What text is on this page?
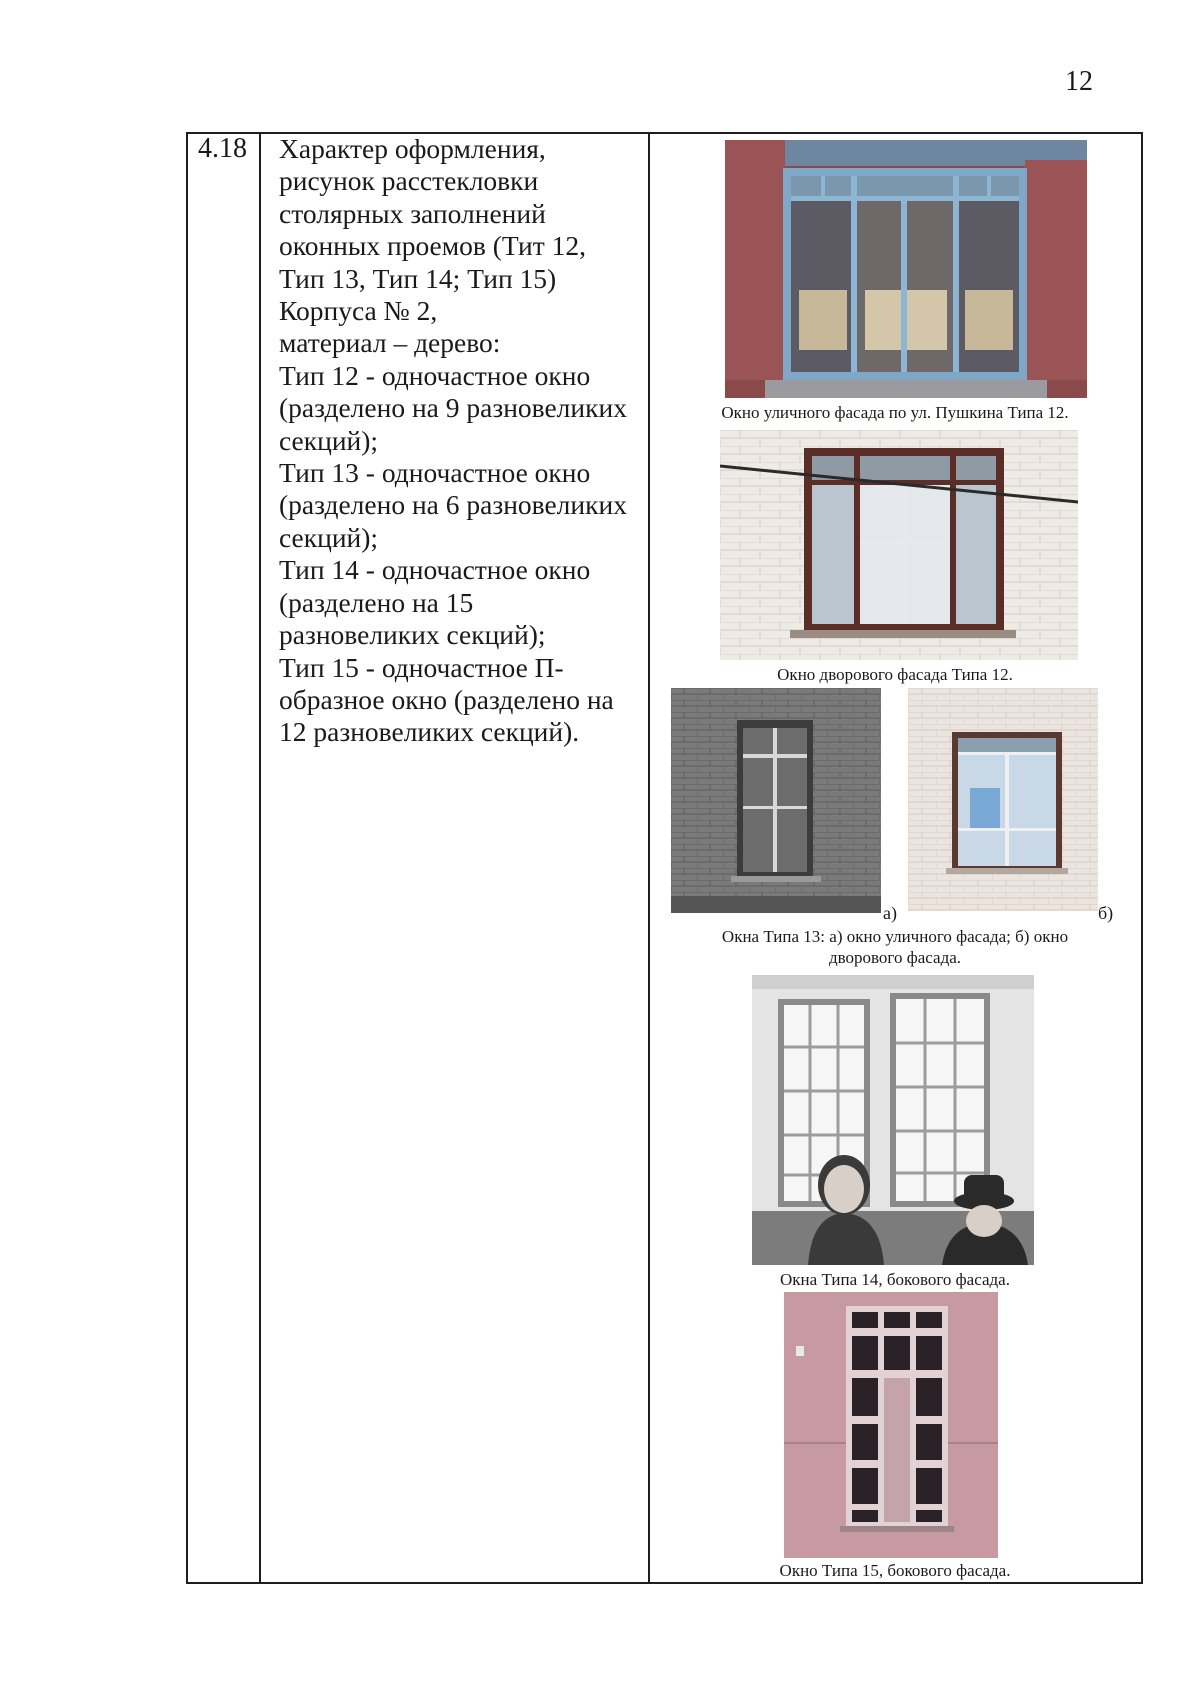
12
4.18 Характер оформления,

рисунок расстекловки

столярных заполнений

оконных проемов (Тит 12,

Тип 13, Тип 14; Тип 15)

Корпуса № 2,

материал – дерево:

Тип 12 - одночастное окно

(разделено на 9 разновеликих

секций);

Тип 13 - одночастное окно

(разделено на 6 разновеликих

секций);

Тип 14 - одночастное окно

(разделено на 15

разновеликих секций);

Тип 15 - одночастное П-

образное окно (разделено на

12 разновеликих секций).

Окно уличного фасада по ул. Пушкина Типа 12.
Окно дворового фасада Типа 12.
а)	б)
Окна Типа 13: а) окно уличного фасада; б) окно
дворового фасада.
Окна Типа 14, бокового фасада.
Окно Типа 15, бокового фасада.
